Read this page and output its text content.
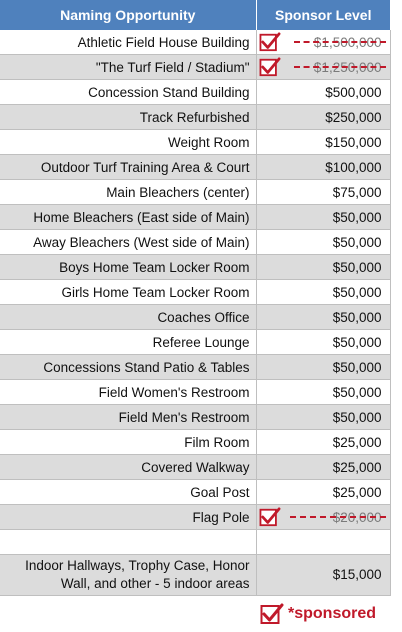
Naming Opportunity	Sponsor Level
Athletic Field House Building	$1,500,000

"The Turf Field / Stadium"	$1,250,000

Concession Stand Building	$500,000
Track Refurbished	$250,000
Weight Room	$150,000
Outdoor Turf Training Area & Court	$100,000
Main Bleachers (center)	$75,000
Home Bleachers (East side of Main)	$50,000
Away Bleachers (West side of Main)	$50,000
Boys Home Team Locker Room	$50,000
Girls Home Team Locker Room	$50,000
Coaches Office	$50,000
Referee Lounge	$50,000
Concessions Stand Patio & Tables	$50,000
Field Women's Restroom	$50,000
Field Men's Restroom	$50,000
Film Room	$25,000
Covered Walkway	$25,000
Goal Post	$25,000
Flag Pole	$20,000

Indoor Hallways, Trophy Case, Honor Wall, and other - 5 indoor areas	$15,000
*sponsored
